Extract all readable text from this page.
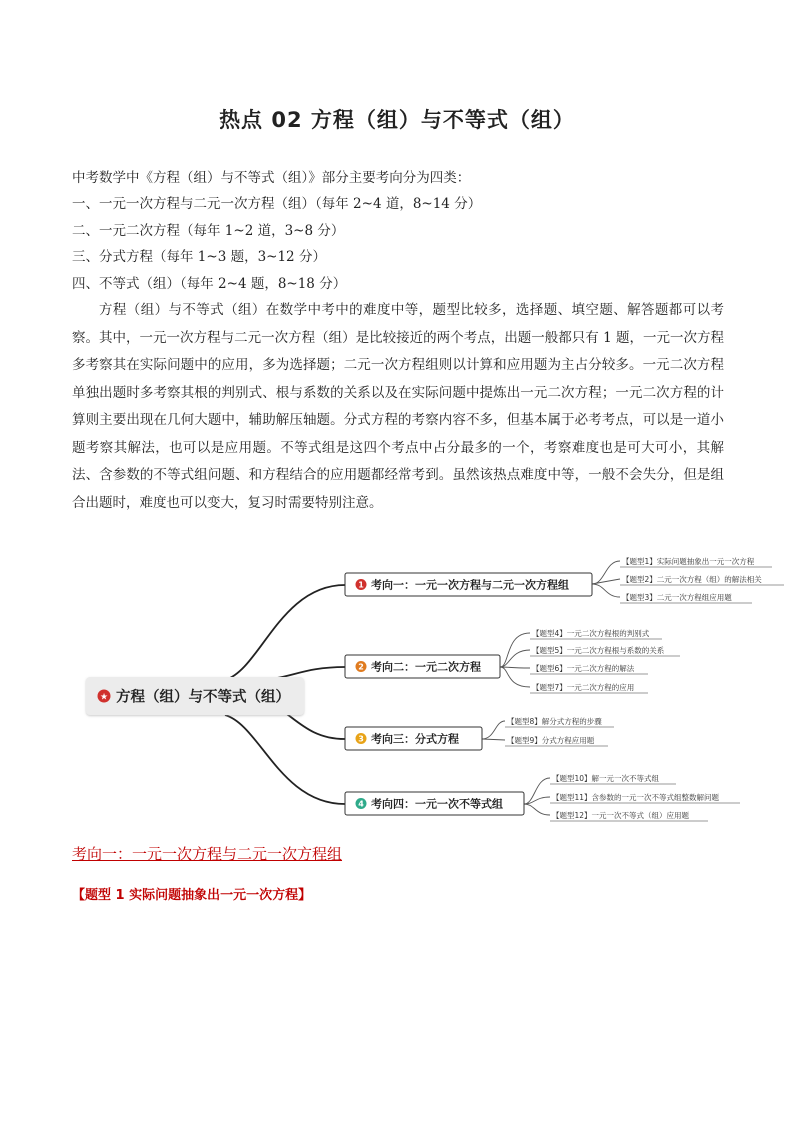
热点 02 方程（组）与不等式（组）
中考数学中《方程（组）与不等式（组）》部分主要考向分为四类：
一、一元一次方程与二元一次方程（组）（每年 2~4 道，8~14 分）
二、一元二次方程（每年 1~2 道，3~8 分）
三、分式方程（每年 1~3 题，3~12 分）
四、不等式（组）（每年 2~4 题，8~18 分）
方程（组）与不等式（组）在数学中考中的难度中等，题型比较多，选择题、填空题、解答题都可以考察。其中，一元一次方程与二元一次方程（组）是比较接近的两个考点，出题一般都只有 1 题，一元一次方程多考察其在实际问题中的应用，多为选择题；二元一次方程组则以计算和应用题为主占分较多。一元二次方程单独出题时多考察其根的判别式、根与系数的关系以及在实际问题中提炼出一元二次方程；一元二次方程的计算则主要出现在几何大题中，辅助解压轴题。分式方程的考察内容不多，但基本属于必考考点，可以是一道小题考察其解法，也可以是应用题。不等式组是这四个考点中占分最多的一个，考察难度也是可大可小，其解法、含参数的不等式组问题、和方程结合的应用题都经常考到。虽然该热点难度中等，一般不会失分，但是组合出题时，难度也可以变大，复习时需要特别注意。
★ 方程（组）与不等式（组）
1 考向一：一元一次方程与二元一次方程组
【题型1】实际问题抽象出一元一次方程
【题型2】二元一次方程（组）的解法相关
【题型3】二元一次方程组应用题
2 考向二：一元二次方程
【题型4】一元二次方程根的判别式
【题型5】一元二次方程根与系数的关系
【题型6】一元二次方程的解法
【题型7】一元二次方程的应用
3 考向三：分式方程
【题型8】解分式方程的步骤
【题型9】分式方程应用题
4 考向四：一元一次不等式组
【题型10】解一元一次不等式组
【题型11】含参数的一元一次不等式组整数解问题
【题型12】一元一次不等式（组）应用题
考向一：一元一次方程与二元一次方程组
【题型 1 实际问题抽象出一元一次方程】
